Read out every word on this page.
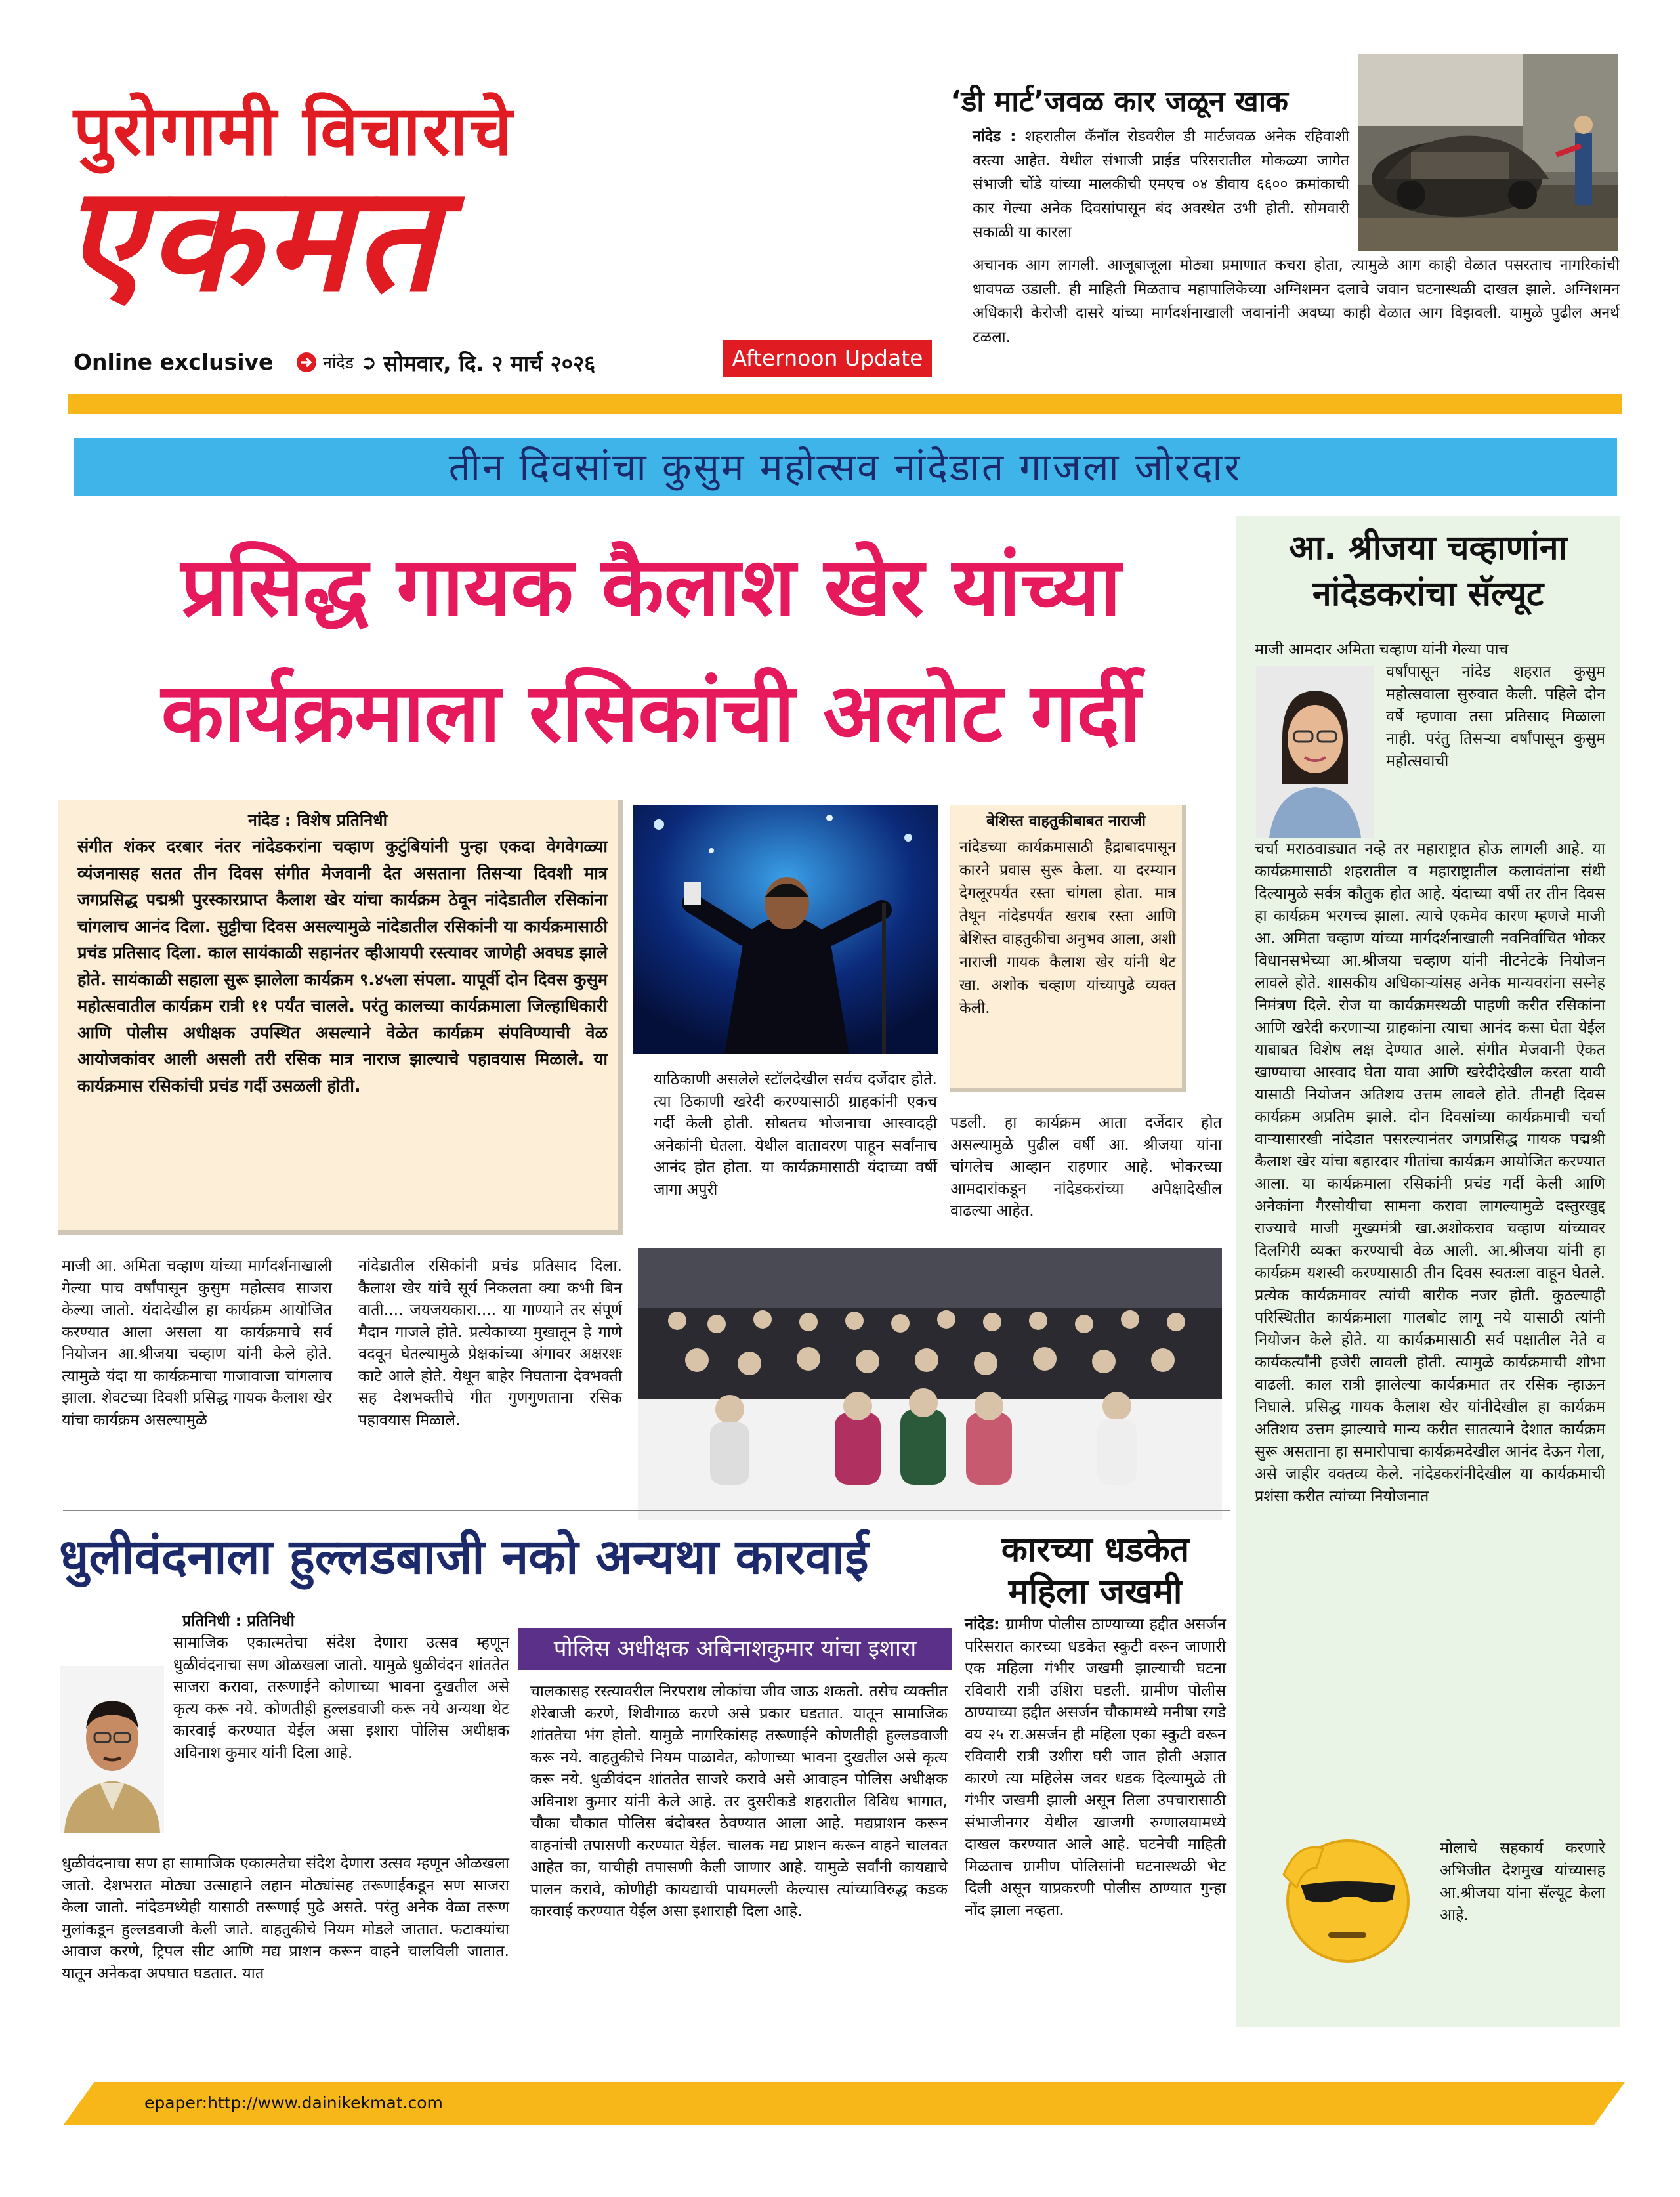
पुरोगामी विचाराचे
एकमत
Online exclusive	नांदेड ➲ सोमवार, दि. २ मार्च २०२६	Afternoon Update
‘डी मार्ट’जवळ कार जळून खाक
नांदेड : शहरातील कॅनॉल रोडवरील डी मार्टजवळ अनेक रहिवाशी वस्त्या आहेत. येथील संभाजी प्राईड परिसरातील मोकळ्या जागेत संभाजी चोंडे यांच्या मालकीची एमएच ०४ डीवाय ६६०० क्रमांकाची कार गेल्या अनेक दिवसांपासून बंद अवस्थेत उभी होती. सोमवारी सकाळी या कारला
अचानक आग लागली. आजूबाजूला मोठ्या प्रमाणात कचरा होता, त्यामुळे आग काही वेळात पसरताच नागरिकांची धावपळ उडाली. ही माहिती मिळताच महापालिकेच्या अग्निशमन दलाचे जवान घटनास्थळी दाखल झाले. अग्निशमन अधिकारी केरोजी दासरे यांच्या मार्गदर्शनाखाली जवानांनी अवघ्या काही वेळात आग विझवली. यामुळे पुढील अनर्थ टळला.
तीन दिवसांचा कुसुम महोत्सव नांदेडात गाजला जोरदार
प्रसिद्ध गायक कैलाश खेर यांच्या
कार्यक्रमाला रसिकांची अलोट गर्दी
नांदेड : विशेष प्रतिनिधी
संगीत शंकर दरबार नंतर नांदेडकरांना चव्हाण कुटुंबियांनी पुन्हा एकदा वेगवेगळ्या व्यंजनासह सतत तीन दिवस संगीत मेजवानी देत असताना तिसऱ्या दिवशी मात्र जगप्रसिद्ध पद्मश्री पुरस्कारप्राप्त कैलाश खेर यांचा कार्यक्रम ठेवून नांदेडातील रसिकांना चांगलाच आनंद दिला. सुट्टीचा दिवस असल्यामुळे नांदेडातील रसिकांनी या कार्यक्रमासाठी प्रचंड प्रतिसाद दिला. काल सायंकाळी सहानंतर व्हीआयपी रस्त्यावर जाणेही अवघड झाले होते. सायंकाळी सहाला सुरू झालेला कार्यक्रम ९.४५ला संपला. यापूर्वी दोन दिवस कुसुम महोत्सवातील कार्यक्रम रात्री ११ पर्यंत चालले. परंतु कालच्या कार्यक्रमाला जिल्हाधिकारी आणि पोलीस अधीक्षक उपस्थित असल्याने वेळेत कार्यक्रम संपविण्याची वेळ आयोजकांवर आली असली तरी रसिक मात्र नाराज झाल्याचे पहावयास मिळाले. या कार्यक्रमास रसिकांची प्रचंड गर्दी उसळली होती.	याठिकाणी असलेले स्टॉलदेखील सर्वच दर्जेदार होते. त्या ठिकाणी खरेदी करण्यासाठी ग्राहकांनी एकच गर्दी केली होती. सोबतच भोजनाचा आस्वादही अनेकांनी घेतला. येथील वातावरण पाहून सर्वांनाच आनंद होत होता. या कार्यक्रमासाठी यंदाच्या वर्षी जागा अपुरी
बेशिस्त वाहतुकीबाबत नाराजी
नांदेडच्या कार्यक्रमासाठी हैद्राबादपासून कारने प्रवास सुरू केला. या दरम्यान देगलूरपर्यंत रस्ता चांगला होता. मात्र तेथून नांदेडपर्यंत खराब रस्ता आणि बेशिस्त वाहतुकीचा अनुभव आला, अशी नाराजी गायक कैलाश खेर यांनी थेट खा. अशोक चव्हाण यांच्यापुढे व्यक्त केली.
पडली. हा कार्यक्रम आता दर्जेदार होत असल्यामुळे पुढील वर्षी आ. श्रीजया यांना चांगलेच आव्हान राहणार आहे. भोकरच्या आमदारांकडून नांदेडकरांच्या अपेक्षादेखील वाढल्या आहेत.
माजी आ. अमिता चव्हाण यांच्या मार्गदर्शनाखाली गेल्या पाच वर्षांपासून कुसुम महोत्सव साजरा केल्या जातो. यंदादेखील हा कार्यक्रम आयोजित करण्यात आला असला या कार्यक्रमाचे सर्व नियोजन आ.श्रीजया चव्हाण यांनी केले होते. त्यामुळे यंदा या कार्यक्रमाचा गाजावाजा चांगलाच झाला. शेवटच्या दिवशी प्रसिद्ध गायक कैलाश खेर यांचा कार्यक्रम असल्यामुळे
नांदेडातील रसिकांनी प्रचंड प्रतिसाद दिला. कैलाश खेर यांचे सूर्य निकलता क्या कभी बिन वाती.... जयजयकारा.... या गाण्याने तर संपूर्ण मैदान गाजले होते. प्रत्येकाच्या मुखातून हे गाणे वदवून घेतल्यामुळे प्रेक्षकांच्या अंगावर अक्षरशः काटे आले होते. येथून बाहेर निघताना देवभक्ती सह देशभक्तीचे गीत गुणगुणताना रसिक पहावयास मिळाले.
आ. श्रीजया चव्हाणांना
नांदेडकरांचा सॅल्यूट
माजी आमदार अमिता चव्हाण यांनी गेल्या पाच
वर्षांपासून नांदेड शहरात कुसुम महोत्सवाला सुरुवात केली. पहिले दोन वर्षे म्हणावा तसा प्रतिसाद मिळाला नाही. परंतु तिसऱ्या वर्षांपासून कुसुम महोत्सवाची
चर्चा मराठवाड्यात नव्हे तर महाराष्ट्रात होऊ लागली आहे. या कार्यक्रमासाठी शहरातील व महाराष्ट्रातील कलावंतांना संधी दिल्यामुळे सर्वत्र कौतुक होत आहे. यंदाच्या वर्षी तर तीन दिवस हा कार्यक्रम भरगच्च झाला. त्याचे एकमेव कारण म्हणजे माजी आ. अमिता चव्हाण यांच्या मार्गदर्शनाखाली नवनिर्वाचित भोकर विधानसभेच्या आ.श्रीजया चव्हाण यांनी नीटनेटके नियोजन लावले होते. शासकीय अधिकाऱ्यांसह अनेक मान्यवरांना सस्नेह निमंत्रण दिले. रोज या कार्यक्रमस्थळी पाहणी करीत रसिकांना आणि खरेदी करणाऱ्या ग्राहकांना त्याचा आनंद कसा घेता येईल याबाबत विशेष लक्ष देण्यात आले. संगीत मेजवानी ऐकत खाण्याचा आस्वाद घेता यावा आणि खरेदीदेखील करता यावी यासाठी नियोजन अतिशय उत्तम लावले होते. तीनही दिवस कार्यक्रम अप्रतिम झाले. दोन दिवसांच्या कार्यक्रमाची चर्चा वाऱ्यासारखी नांदेडात पसरल्यानंतर जगप्रसिद्ध गायक पद्मश्री कैलाश खेर यांचा बहारदार गीतांचा कार्यक्रम आयोजित करण्यात आला. या कार्यक्रमाला रसिकांनी प्रचंड गर्दी केली आणि अनेकांना गैरसोयीचा सामना करावा लागल्यामुळे दस्तुरखुद्द राज्याचे माजी मुख्यमंत्री खा.अशोकराव चव्हाण यांच्यावर दिलगिरी व्यक्त करण्याची वेळ आली. आ.श्रीजया यांनी हा कार्यक्रम यशस्वी करण्यासाठी तीन दिवस स्वतःला वाहून घेतले. प्रत्येक कार्यक्रमावर त्यांची बारीक नजर होती. कुठल्याही परिस्थितीत कार्यक्रमाला गालबोट लागू नये यासाठी त्यांनी नियोजन केले होते. या कार्यक्रमासाठी सर्व पक्षातील नेते व कार्यकर्त्यांनी हजेरी लावली होती. त्यामुळे कार्यक्रमाची शोभा वाढली. काल रात्री झालेल्या कार्यक्रमात तर रसिक न्हाऊन निघाले. प्रसिद्ध गायक कैलाश खेर यांनीदेखील हा कार्यक्रम अतिशय उत्तम झाल्याचे मान्य करीत सातत्याने देशात कार्यक्रम सुरू असताना हा समारोपाचा कार्यक्रमदेखील आनंद देऊन गेला, असे जाहीर वक्तव्य केले. नांदेडकरांनीदेखील या कार्यक्रमाची प्रशंसा करीत त्यांच्या नियोजनात
मोलाचे सहकार्य करणारे अभिजीत देशमुख यांच्यासह आ.श्रीजया यांना सॅल्यूट केला आहे.
धुलीवंदनाला हुल्लडबाजी नको अन्यथा कारवाई
प्रतिनिधी : प्रतिनिधी
सामाजिक एकात्मतेचा संदेश देणारा उत्सव म्हणून धुळीवंदनाचा सण ओळखला जातो. यामुळे धुळीवंदन शांततेत साजरा करावा, तरूणाईने कोणाच्या भावना दुखतील असे कृत्य करू नये. कोणतीही हुल्लडवाजी करू नये अन्यथा थेट कारवाई करण्यात येईल असा इशारा पोलिस अधीक्षक अविनाश कुमार यांनी दिला आहे.
धुळीवंदनाचा सण हा सामाजिक एकात्मतेचा संदेश देणारा उत्सव म्हणून ओळखला जातो. देशभरात मोठ्या उत्साहाने लहान मोठ्यांसह तरूणाईकडून सण साजरा केला जातो. नांदेडमध्येही यासाठी तरूणाई पुढे असते. परंतु अनेक वेळा तरूण मुलांकडून हुल्लडवाजी केली जाते. वाहतुकीचे नियम मोडले जातात. फटाक्यांचा आवाज करणे, ट्रिपल सीट आणि मद्य प्राशन करून वाहने चालविली जातात. यातून अनेकदा अपघात घडतात. यात
पोलिस अधीक्षक अबिनाशकुमार यांचा इशारा
चालकासह रस्त्यावरील निरपराध लोकांचा जीव जाऊ शकतो. तसेच व्यक्तीत शेरेबाजी करणे, शिवीगाळ करणे असे प्रकार घडतात. यातून सामाजिक शांततेचा भंग होतो. यामुळे नागरिकांसह तरूणाईने कोणतीही हुल्लडवाजी करू नये. वाहतुकीचे नियम पाळावेत, कोणाच्या भावना दुखतील असे कृत्य करू नये. धुळीवंदन शांततेत साजरे करावे असे आवाहन पोलिस अधीक्षक अविनाश कुमार यांनी केले आहे. तर दुसरीकडे शहरातील विविध भागात, चौका चौकात पोलिस बंदोबस्त ठेवण्यात आला आहे. मद्यप्राशन करून वाहनांची तपासणी करण्यात येईल. चालक मद्य प्राशन करून वाहने चालवत आहेत का, याचीही तपासणी केली जाणार आहे. यामुळे सर्वांनी कायद्याचे पालन करावे, कोणीही कायद्याची पायमल्ली केल्यास त्यांच्याविरुद्ध कडक कारवाई करण्यात येईल असा इशाराही दिला आहे.
कारच्या धडकेत
महिला जखमी
नांदेड: ग्रामीण पोलीस ठाण्याच्या हद्दीत असर्जन परिसरात कारच्या धडकेत स्कुटी वरून जाणारी एक महिला गंभीर जखमी झाल्याची घटना रविवारी रात्री उशिरा घडली. ग्रामीण पोलीस ठाण्याच्या हद्दीत असर्जन चौकामध्ये मनीषा रगडे वय २५ रा.असर्जन ही महिला एका स्कुटी वरून रविवारी रात्री उशीरा घरी जात होती अज्ञात कारणे त्या महिलेस जवर धडक दिल्यामुळे ती गंभीर जखमी झाली असून तिला उपचारासाठी संभाजीनगर येथील खाजगी रुग्णालयामध्ये दाखल करण्यात आले आहे. घटनेची माहिती मिळताच ग्रामीण पोलिसांनी घटनास्थळी भेट दिली असून याप्रकरणी पोलीस ठाण्यात गुन्हा नोंद झाला नव्हता.
epaper:http://www.dainikekmat.com
